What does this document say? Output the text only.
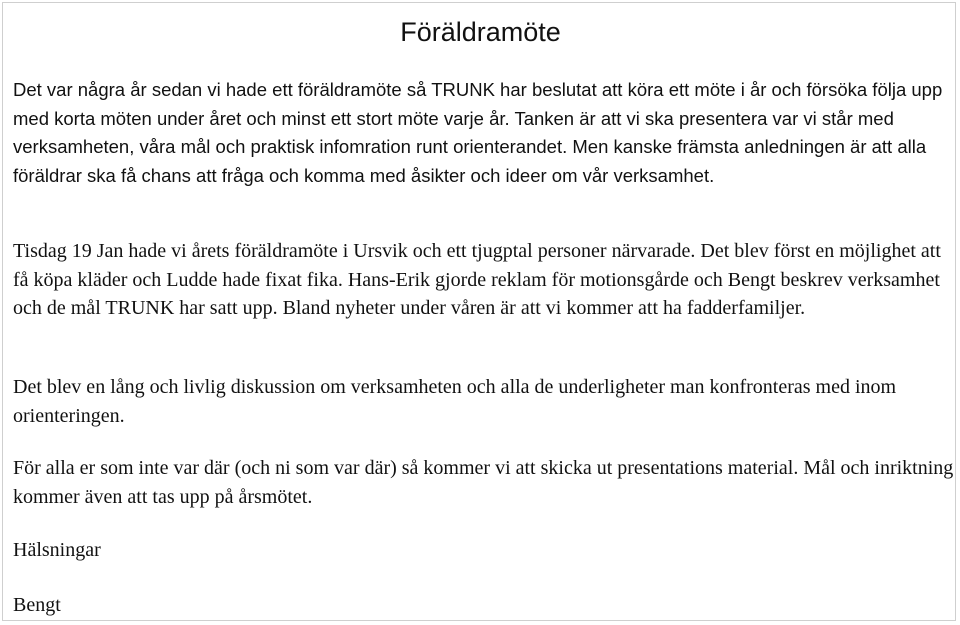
Föräldramöte

Det var några år sedan vi hade ett föräldramöte så TRUNK har beslutat att köra ett möte i år och försöka följa upp med korta möten under året och minst ett stort möte varje år. Tanken är att vi ska presentera var vi står med verksamheten, våra mål och praktisk infomration runt orienterandet. Men kanske främsta anledningen är att alla föräldrar ska få chans att fråga och komma med åsikter och ideer om vår verksamhet.

Tisdag 19 Jan hade vi årets föräldramöte i Ursvik och ett tjugptal personer närvarade. Det blev först en möjlighet att få köpa kläder och Ludde hade fixat fika. Hans-Erik gjorde reklam för motionsgårde och Bengt beskrev verksamhet och de mål TRUNK har satt upp. Bland nyheter under våren är att vi kommer att ha fadderfamiljer.

Det blev en lång och livlig diskussion om verksamheten och alla de underligheter man konfronteras med inom orienteringen.

För alla er som inte var där (och ni som var där) så kommer vi att skicka ut presentations material. Mål och inriktning kommer även att tas upp på årsmötet.

Hälsningar

Bengt
